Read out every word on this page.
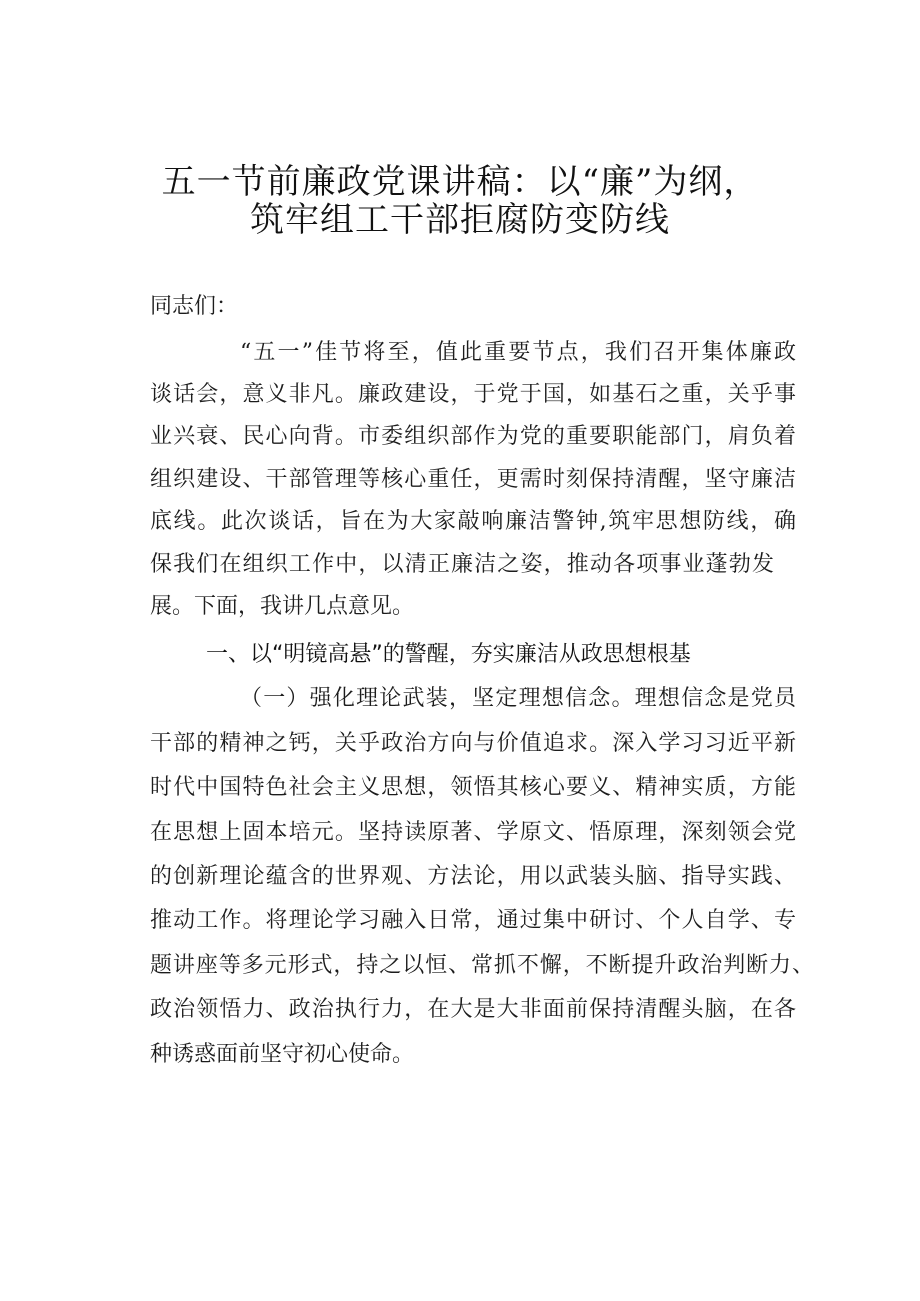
五一节前廉政党课讲稿：以“廉”为纲，
筑牢组工干部拒腐防变防线
同志们：
“五一”佳节将至，值此重要节点，我们召开集体廉政
谈话会，意义非凡。廉政建设，于党于国，如基石之重，关乎事
业兴衰、民心向背。市委组织部作为党的重要职能部门，肩负着
组织建设、干部管理等核心重任，更需时刻保持清醒，坚守廉洁
底线。此次谈话，旨在为大家敲响廉洁警钟,筑牢思想防线，确
保我们在组织工作中，以清正廉洁之姿，推动各项事业蓬勃发
展。下面，我讲几点意见。
一、以“明镜高悬”的警醒，夯实廉洁从政思想根基
（一）强化理论武装，坚定理想信念。理想信念是党员
干部的精神之钙，关乎政治方向与价值追求。深入学习习近平新
时代中国特色社会主义思想，领悟其核心要义、精神实质，方能
在思想上固本培元。坚持读原著、学原文、悟原理，深刻领会党
的创新理论蕴含的世界观、方法论，用以武装头脑、指导实践、
推动工作。将理论学习融入日常，通过集中研讨、个人自学、专
题讲座等多元形式，持之以恒、常抓不懈，不断提升政治判断力、
政治领悟力、政治执行力，在大是大非面前保持清醒头脑，在各
种诱惑面前坚守初心使命。
